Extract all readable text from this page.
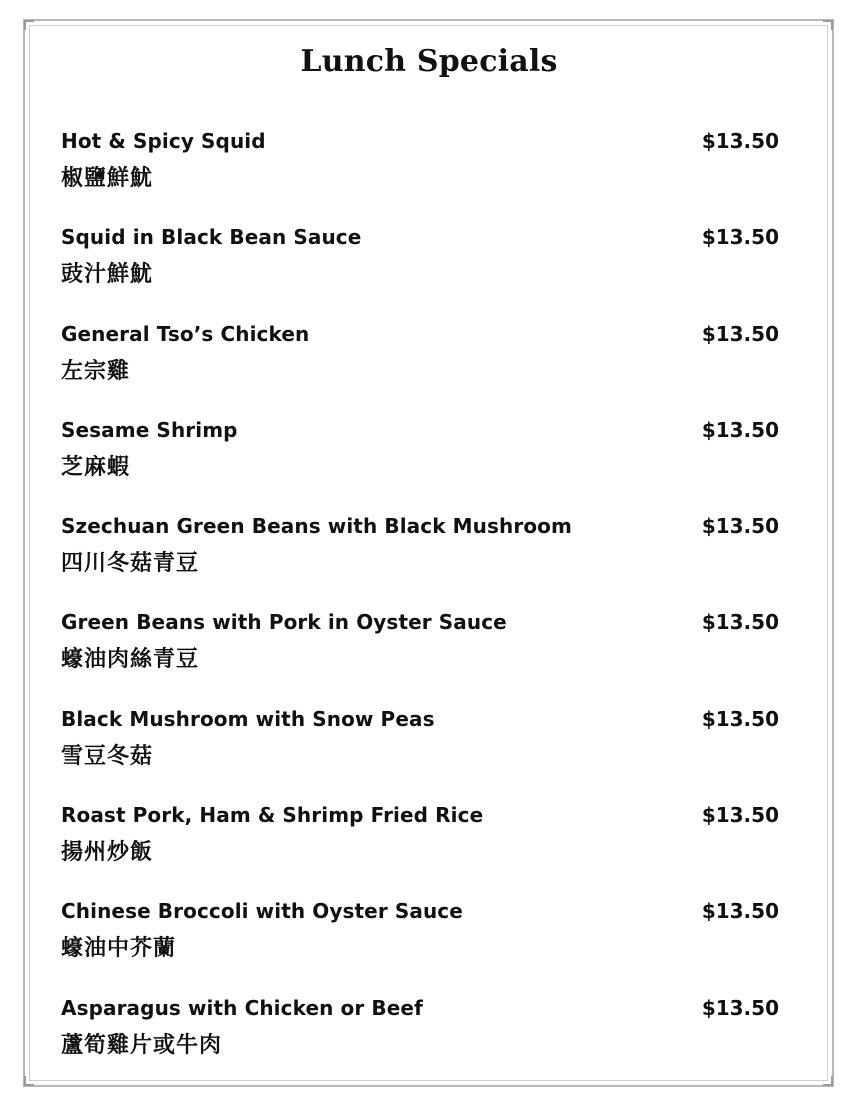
Lunch Specials
Hot & Spicy Squid
椒鹽鮮魷
$13.50
Squid in Black Bean Sauce
豉汁鮮魷
$13.50
General Tso’s Chicken
左宗雞
$13.50
Sesame Shrimp
芝麻蝦
$13.50
Szechuan Green Beans with Black Mushroom
四川冬菇青豆
$13.50
Green Beans with Pork in Oyster Sauce
蠔油肉絲青豆
$13.50
Black Mushroom with Snow Peas
雪豆冬菇
$13.50
Roast Pork, Ham & Shrimp Fried Rice
揚州炒飯
$13.50
Chinese Broccoli with Oyster Sauce
蠔油中芥蘭
$13.50
Asparagus with Chicken or Beef
蘆筍雞片或牛肉
$13.50
